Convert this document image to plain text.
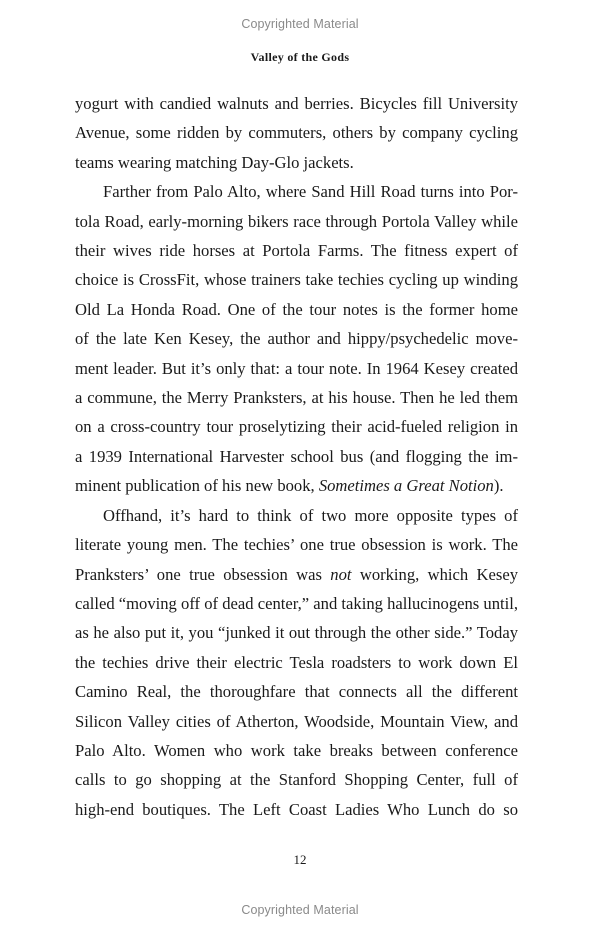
Copyrighted Material
Valley of the Gods
yogurt with candied walnuts and berries. Bicycles fill University
Avenue, some ridden by commuters, others by company cycling
teams wearing matching Day-Glo jackets.
Farther from Palo Alto, where Sand Hill Road turns into Por-
tola Road, early-morning bikers race through Portola Valley while
their wives ride horses at Portola Farms. The fitness expert of
choice is CrossFit, whose trainers take techies cycling up winding
Old La Honda Road. One of the tour notes is the former home
of the late Ken Kesey, the author and hippy/psychedelic move-
ment leader. But it’s only that: a tour note. In 1964 Kesey created
a commune, the Merry Pranksters, at his house. Then he led them
on a cross-country tour proselytizing their acid-fueled religion in
a 1939 International Harvester school bus (and flogging the im-
minent publication of his new book, Sometimes a Great Notion).
Offhand, it’s hard to think of two more opposite types of
literate young men. The techies’ one true obsession is work. The
Pranksters’ one true obsession was not working, which Kesey
called “moving off of dead center,” and taking hallucinogens until,
as he also put it, you “junked it out through the other side.” Today
the techies drive their electric Tesla roadsters to work down El
Camino Real, the thoroughfare that connects all the different
Silicon Valley cities of Atherton, Woodside, Mountain View, and
Palo Alto. Women who work take breaks between conference
calls to go shopping at the Stanford Shopping Center, full of
high-end boutiques. The Left Coast Ladies Who Lunch do so
12
Copyrighted Material
